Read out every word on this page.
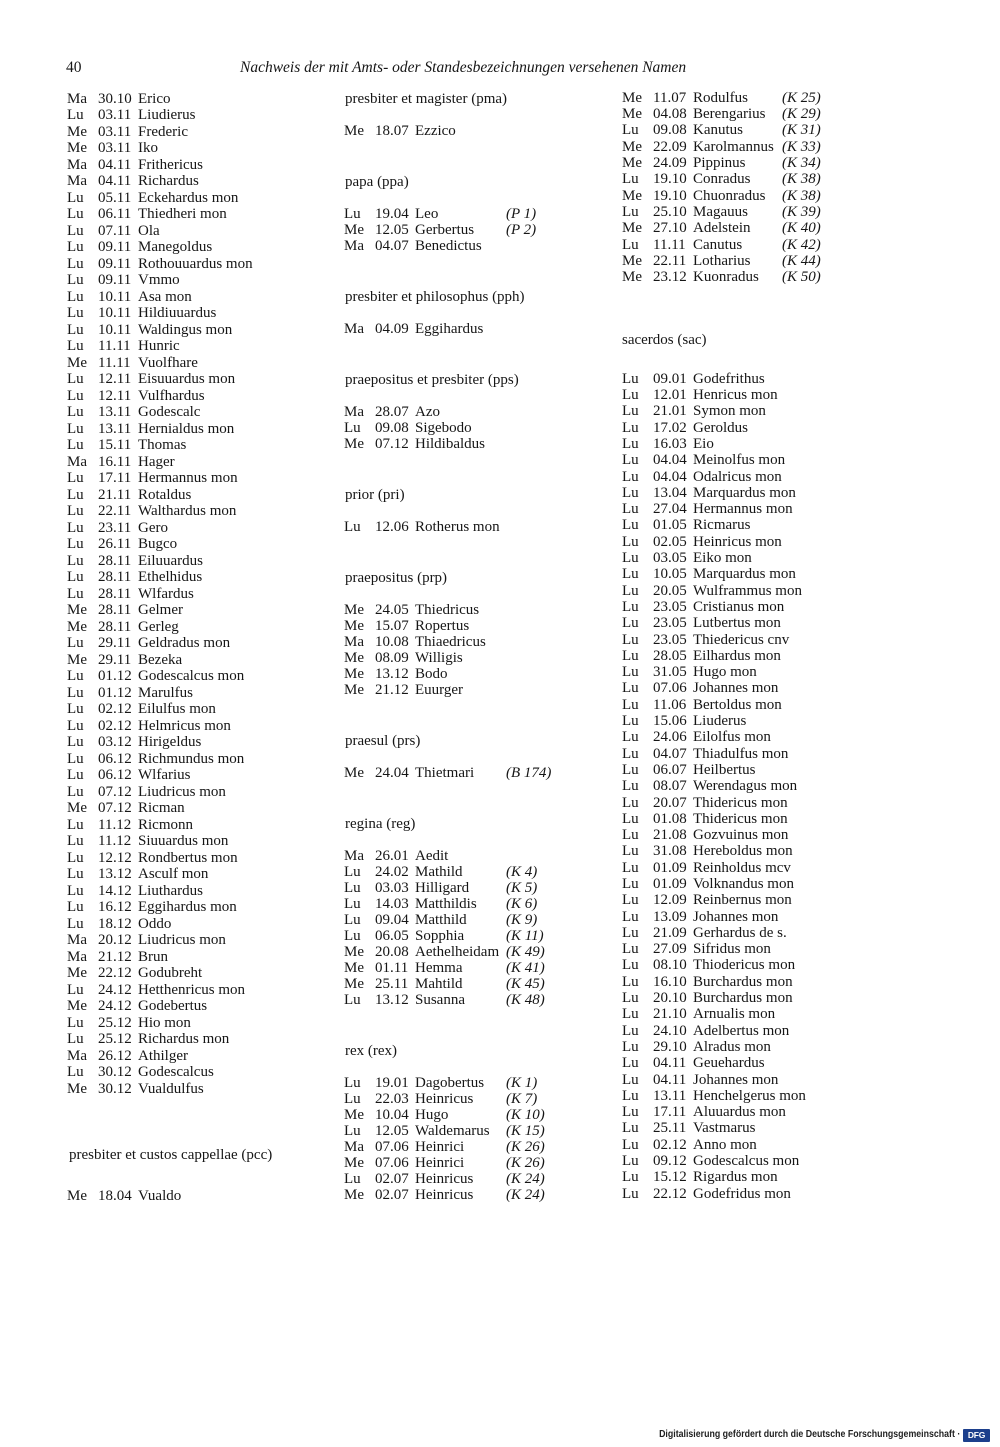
40	Nachweis der mit Amts- oder Standesbezeichnungen versehenen Namen
Ma 30.10 Erico
Lu 03.11 Liudierus
Me 03.11 Frederic
Me 03.11 Iko
Ma 04.11 Frithericus
Ma 04.11 Richardus
Lu 05.11 Eckehardus mon
Lu 06.11 Thiedheri mon
Lu 07.11 Ola
Lu 09.11 Manegoldus
Lu 09.11 Rothouuardus mon
Lu 09.11 Vmmo
Lu 10.11 Asa mon
Lu 10.11 Hildiuuardus
Lu 10.11 Waldingus mon
Lu 11.11 Hunric
Me 11.11 Vuolfhare
Lu 12.11 Eisuuardus mon
Lu 12.11 Vulfhardus
Lu 13.11 Godescalc
Lu 13.11 Hernialdus mon
Lu 15.11 Thomas
Ma 16.11 Hager
Lu 17.11 Hermannus mon
Lu 21.11 Rotaldus
Lu 22.11 Walthardus mon
Lu 23.11 Gero
Lu 26.11 Bugco
Lu 28.11 Eiluuardus
Lu 28.11 Ethelhidus
Lu 28.11 Wlfardus
Me 28.11 Gelmer
Me 28.11 Gerleg
Lu 29.11 Geldradus mon
Me 29.11 Bezeka
Lu 01.12 Godescalcus mon
Lu 01.12 Marulfus
Lu 02.12 Eilulfus mon
Lu 02.12 Helmricus mon
Lu 03.12 Hirigeldus
Lu 06.12 Richmundus mon
Lu 06.12 Wlfarius
Lu 07.12 Liudricus mon
Me 07.12 Ricman
Lu 11.12 Ricmonn
Lu 11.12 Siuuardus mon
Lu 12.12 Rondbertus mon
Lu 13.12 Asculf mon
Lu 14.12 Liuthardus
Lu 16.12 Eggihardus mon
Lu 18.12 Oddo
Ma 20.12 Liudricus mon
Ma 21.12 Brun
Me 22.12 Godubreht
Lu 24.12 Hetthenricus mon
Me 24.12 Godebertus
Lu 25.12 Hio mon
Lu 25.12 Richardus mon
Ma 26.12 Athilger
Lu 30.12 Godescalcus
Me 30.12 Vualdulfus
presbiter et custos cappellae (pcc)
Me 18.04 Vualdo
presbiter et magister (pma)
Me 18.07 Ezzico
papa (ppa)
Lu 19.04 Leo	(P 1)
Me 12.05 Gerbertus (P 2)
Ma 04.07 Benedictus
presbiter et philosophus (pph)
Ma 04.09 Eggihardus
praepositus et presbiter (pps)
Ma 28.07 Azo
Lu 09.08 Sigebodo
Me 07.12 Hildibaldus
prior (pri)
Lu 12.06 Rotherus mon
praepositus (prp)
Me 24.05 Thiedricus
Me 15.07 Ropertus
Ma 10.08 Thiaedricus
Me 08.09 Willigis
Me 13.12 Bodo
Me 21.12 Euurger
praesul (prs)
Me 24.04 Thietmari (B 174)
regina (reg)
Ma 26.01 Aedit
Lu 24.02 Mathild	(K 4)
Lu 03.03 Hilligard (K 5)
Lu 14.03 Matthildis (K 6)
Lu 09.04 Matthild	(K 9)
Lu 06.05 Sopphia	(K 11)
Me 20.08 Aethelheidam (K 49)
Me 01.11 Hemma	(K 41)
Me 25.11 Mahtild	(K 45)
Lu 13.12 Susanna	(K 48)
rex (rex)
Lu 19.01 Dagobertus (K 1)
Lu 22.03 Heinricus (K 7)
Me 10.04 Hugo	(K 10)
Lu 12.05 Waldemarus (K 15)
Ma 07.06 Heinrici	(K 26)
Me 07.06 Heinrici	(K 26)
Lu 02.07 Heinricus (K 24)
Me 02.07 Heinricus (K 24)
Me 11.07 Rodulfus (K 25)
Me 04.08 Berengarius (K 29)
Lu 09.08 Kanutus	(K 31)
Me 22.09 Karolmannus (K 33)
Me 24.09 Pippinus (K 34)
Lu 19.10 Conradus (K 38)
Me 19.10 Chuonradus (K 38)
Lu 25.10 Magauus (K 39)
Me 27.10 Adelstein (K 40)
Lu 11.11 Canutus	(K 42)
Me 22.11 Lotharius (K 44)
Me 23.12 Kuonradus (K 50)
sacerdos (sac)
Lu 09.01 Godefrithus
Lu 12.01 Henricus mon
Lu 21.01 Symon mon
Lu 17.02 Geroldus
Lu 16.03 Eio
Lu 04.04 Meinolfus mon
Lu 04.04 Odalricus mon
Lu 13.04 Marquardus mon
Lu 27.04 Hermannus mon
Lu 01.05 Ricmarus
Lu 02.05 Heinricus mon
Lu 03.05 Eiko mon
Lu 10.05 Marquardus mon
Lu 20.05 Wulframmus mon
Lu 23.05 Cristianus mon
Lu 23.05 Lutbertus mon
Lu 23.05 Thiedericus cnv
Lu 28.05 Eilhardus mon
Lu 31.05 Hugo mon
Lu 07.06 Johannes mon
Lu 11.06 Bertoldus mon
Lu 15.06 Liuderus
Lu 24.06 Eilolfus mon
Lu 04.07 Thiadulfus mon
Lu 06.07 Heilbertus
Lu 08.07 Werendagus mon
Lu 20.07 Thidericus mon
Lu 01.08 Thidericus mon
Lu 21.08 Gozvuinus mon
Lu 31.08 Hereboldus mon
Lu 01.09 Reinholdus mcv
Lu 01.09 Volknandus mon
Lu 12.09 Reinbernus mon
Lu 13.09 Johannes mon
Lu 21.09 Gerhardus de s.
Lu 27.09 Sifridus mon
Lu 08.10 Thiodericus mon
Lu 16.10 Burchardus mon
Lu 20.10 Burchardus mon
Lu 21.10 Arnualis mon
Lu 24.10 Adelbertus mon
Lu 29.10 Alradus mon
Lu 04.11 Geuehardus
Lu 04.11 Johannes mon
Lu 13.11 Henchelgerus mon
Lu 17.11 Aluuardus mon
Lu 25.11 Vastmarus
Lu 02.12 Anno mon
Lu 09.12 Godescalcus mon
Lu 15.12 Rigardus mon
Lu 22.12 Godefridus mon
Digitalisierung gefördert durch die Deutsche Forschungsgemeinschaft · DFG
